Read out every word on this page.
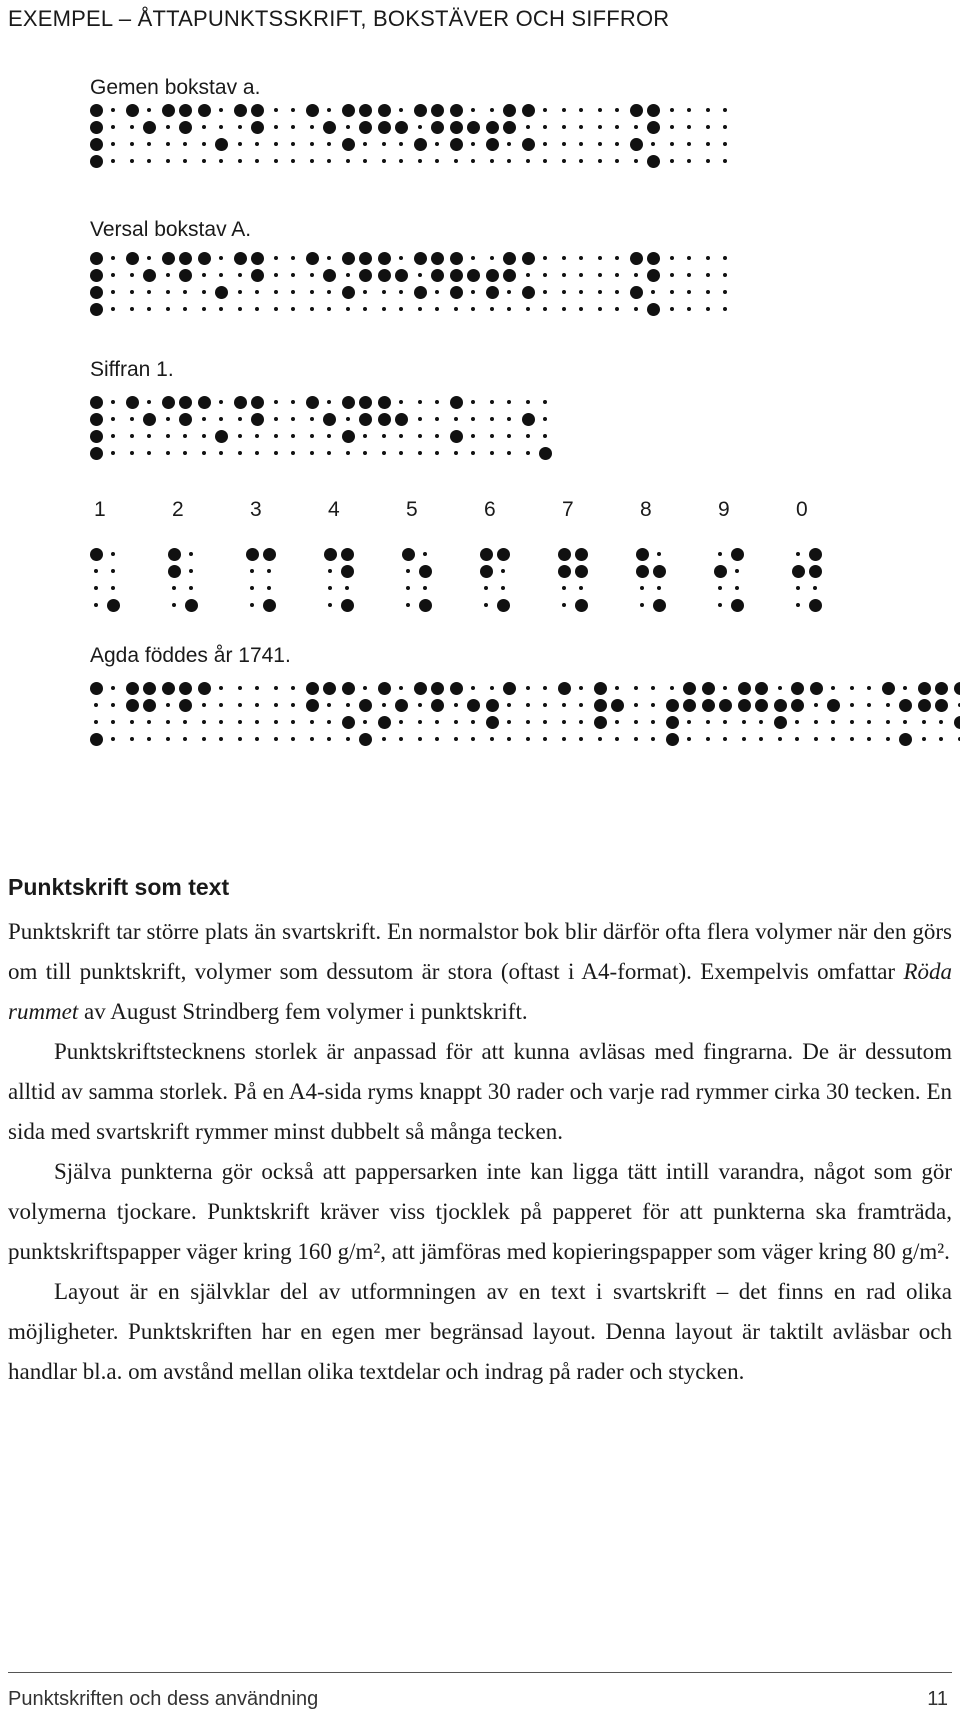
EXEMPEL – ÅTTAPUNKTSSKRIFT, BOKSTÄVER OCH SIFFROR
Gemen bokstav a.
Versal bokstav A.
Siffran 1.
1	2	3	4	5	6	7	8	9	0
Agda föddes år 1741.
Punktskrift som text

Punktskrift tar större plats än svartskrift. En normalstor bok blir därför ofta flera volymer när den görs om till punktskrift, volymer som dessutom är stora (oftast i A4-format). Exempelvis omfattar Röda rummet av August Strindberg fem volymer i punktskrift.

Punktskriftstecknens storlek är anpassad för att kunna avläsas med fingrarna. De är dessutom alltid av samma storlek. På en A4-sida ryms knappt 30 rader och varje rad rymmer cirka 30 tecken. En sida med svartskrift rymmer minst dubbelt så många tecken.

Själva punkterna gör också att pappersarken inte kan ligga tätt intill varandra, något som gör volymerna tjockare. Punktskrift kräver viss tjocklek på papperet för att punkterna ska framträda, punktskriftspapper väger kring 160 g/m², att jämföras med kopieringspapper som väger kring 80 g/m².

Layout är en självklar del av utformningen av en text i svartskrift – det finns en rad olika möjligheter. Punktskriften har en egen mer begränsad layout. Denna layout är taktilt avläsbar och handlar bl.a. om avstånd mellan olika textdelar och indrag på rader och stycken.

Punktskriften och dess användning	11
